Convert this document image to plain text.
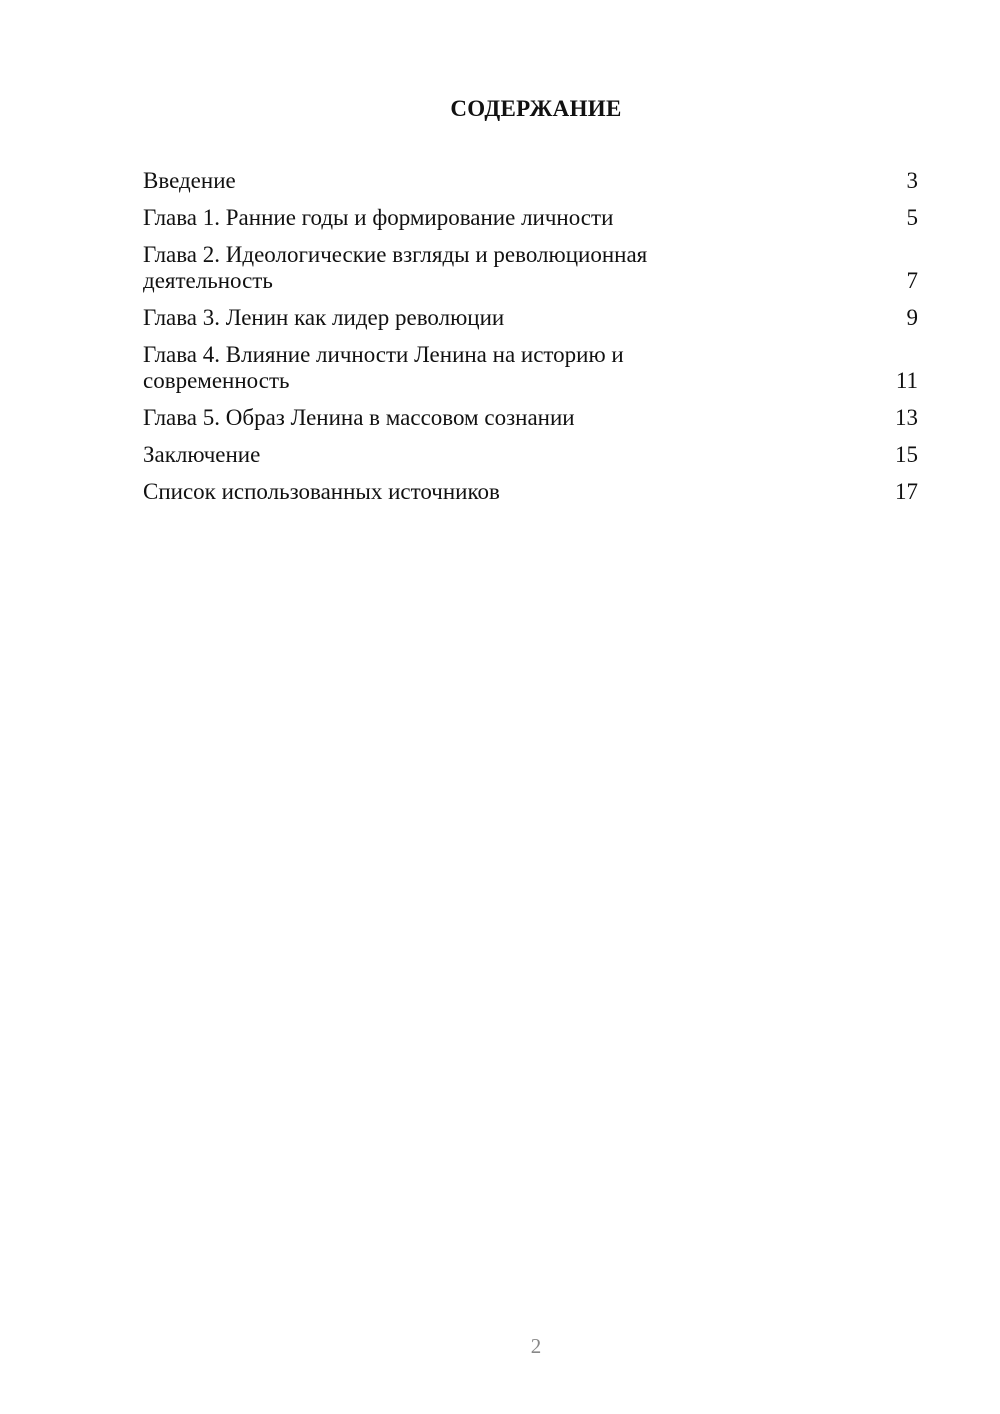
СОДЕРЖАНИЕ
Введение	3
Глава 1. Ранние годы и формирование личности	5
Глава 2. Идеологические взгляды и революционная деятельность	7
Глава 3. Ленин как лидер революции	9
Глава 4. Влияние личности Ленина на историю и современность	11
Глава 5. Образ Ленина в массовом сознании	13
Заключение	15
Список использованных источников	17
2
